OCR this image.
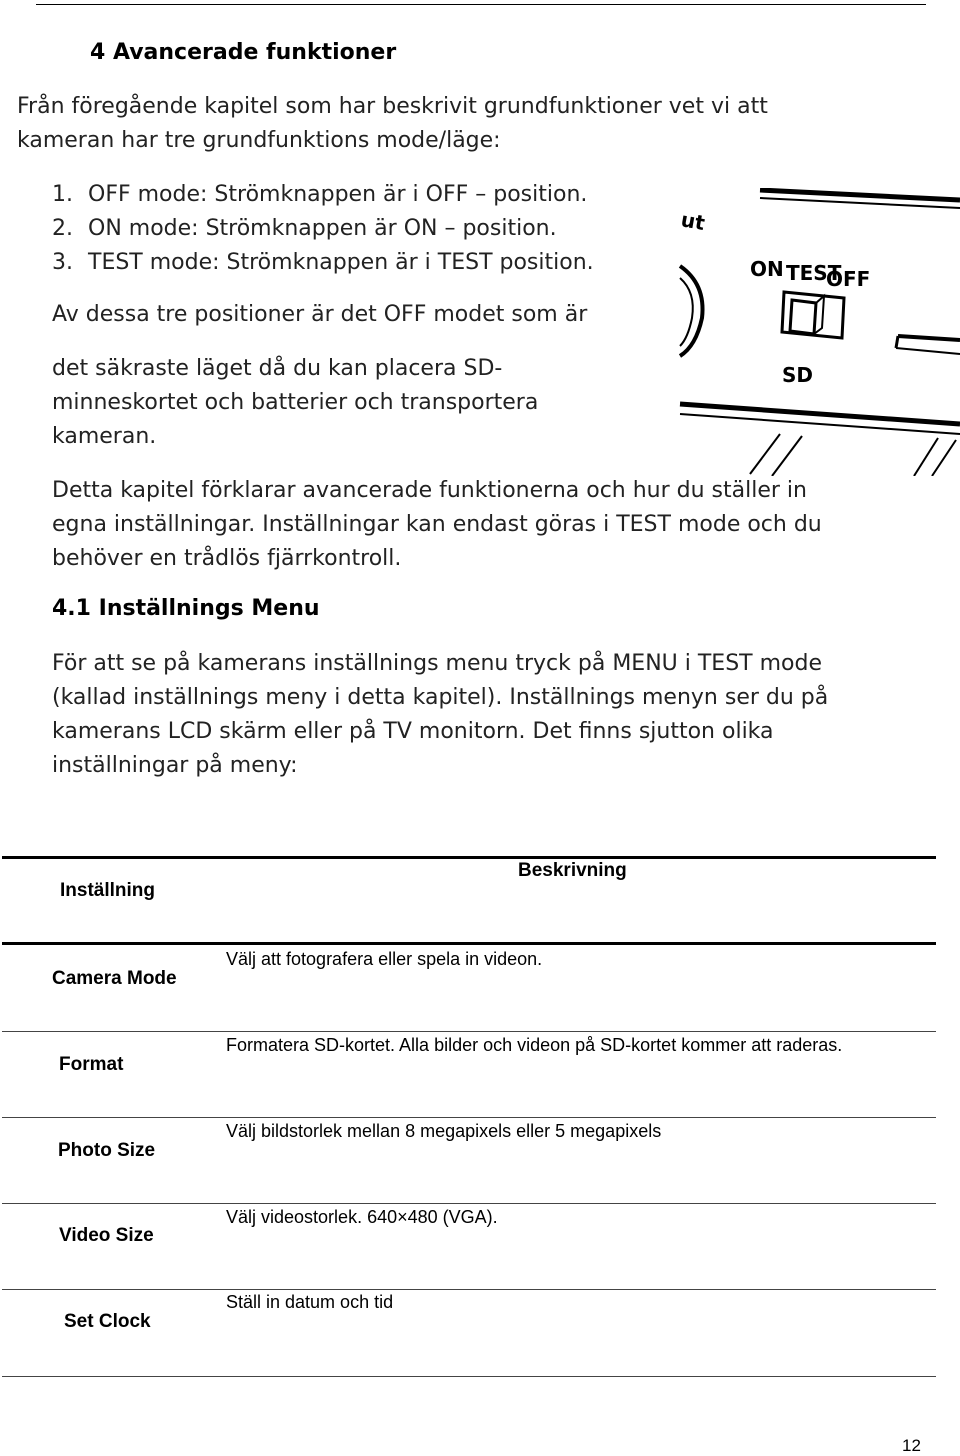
4 Avancerade funktioner
Från föregående kapitel som har beskrivit grundfunktioner vet vi att
kameran har tre grundfunktions mode/läge:
1. OFF mode: Strömknappen är i OFF – position.
2. ON mode: Strömknappen är ON – position.
3. TEST mode: Strömknappen är i TEST position.
Av dessa tre positioner är det OFF modet som är
det säkraste läget då du kan placera SD-
minneskortet och batterier och transportera
kameran.
ut
ON TEST
OFF
SD
Detta kapitel förklarar avancerade funktionerna och hur du ställer in
egna inställningar. Inställningar kan endast göras i TEST mode och du
behöver en trådlös fjärrkontroll.
4.1 Inställnings Menu
För att se på kamerans inställnings menu tryck på MENU i TEST mode
(kallad inställnings meny i detta kapitel). Inställnings menyn ser du på
kamerans LCD skärm eller på TV monitorn. Det finns sjutton olika
inställningar på meny:
Inställning
Beskrivning
Camera Mode
Välj att fotografera eller spela in videon.
Format
Formatera SD-kortet. Alla bilder och videon på SD-kortet kommer att raderas.
Photo Size
Välj bildstorlek mellan 8 megapixels eller 5 megapixels
Video Size
Välj videostorlek. 640×480 (VGA).
Set Clock
Ställ in datum och tid
12
